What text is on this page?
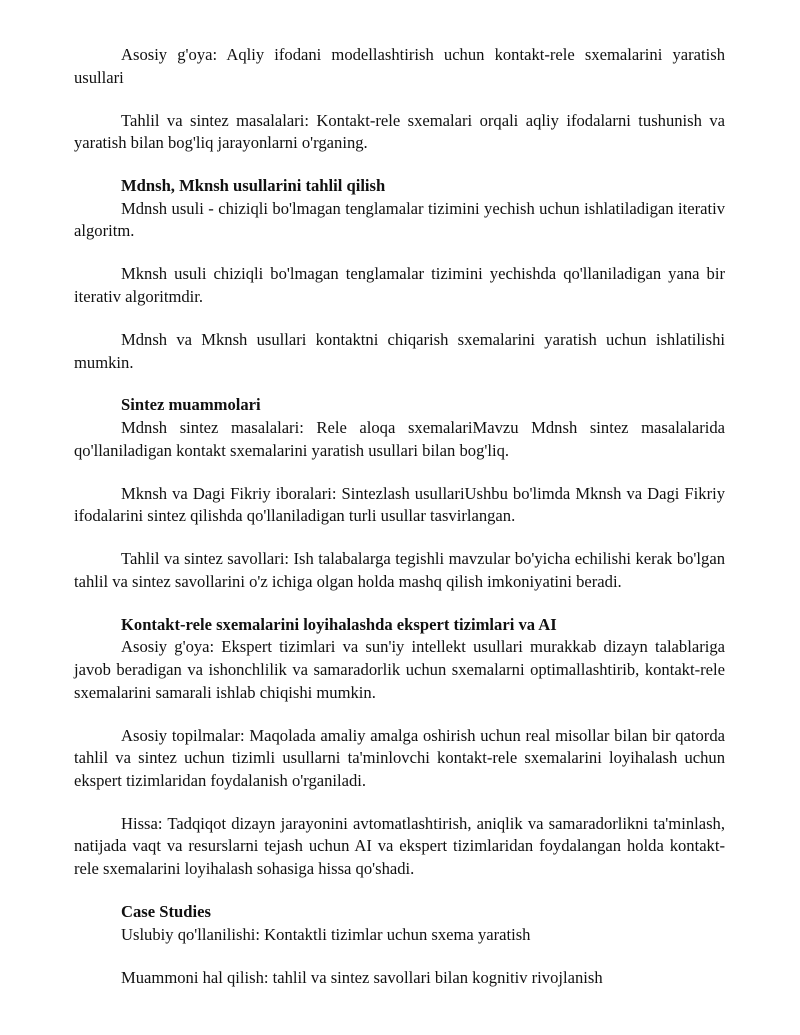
Asosiy g'oya: Aqliy ifodani modellashtirish uchun kontakt-rele sxemalarini yaratish usullari

Tahlil va sintez masalalari: Kontakt-rele sxemalari orqali aqliy ifodalarni tushunish va yaratish bilan bog'liq jarayonlarni o'rganing.

Mdnsh, Mknsh usullarini tahlil qilish

Mdnsh usuli - chiziqli bo'lmagan tenglamalar tizimini yechish uchun ishlatiladigan iterativ algoritm.

Mknsh usuli chiziqli bo'lmagan tenglamalar tizimini yechishda qo'llaniladigan yana bir iterativ algoritmdir.

Mdnsh va Mknsh usullari kontaktni chiqarish sxemalarini yaratish uchun ishlatilishi mumkin.

Sintez muammolari

Mdnsh sintez masalalari: Rele aloqa sxemalariMavzu Mdnsh sintez masalalarida qo'llaniladigan kontakt sxemalarini yaratish usullari bilan bog'liq.

Mknsh va Dagi Fikriy iboralari: Sintezlash usullariUshbu bo'limda Mknsh va Dagi Fikriy ifodalarini sintez qilishda qo'llaniladigan turli usullar tasvirlangan.

Tahlil va sintez savollari: Ish talabalarga tegishli mavzular bo'yicha echilishi kerak bo'lgan tahlil va sintez savollarini o'z ichiga olgan holda mashq qilish imkoniyatini beradi.

Kontakt-rele sxemalarini loyihalashda ekspert tizimlari va AI

Asosiy g'oya: Ekspert tizimlari va sun'iy intellekt usullari murakkab dizayn talablariga javob beradigan va ishonchlilik va samaradorlik uchun sxemalarni optimallashtirib, kontakt-rele sxemalarini samarali ishlab chiqishi mumkin.

Asosiy topilmalar: Maqolada amaliy amalga oshirish uchun real misollar bilan bir qatorda tahlil va sintez uchun tizimli usullarni ta'minlovchi kontakt-rele sxemalarini loyihalash uchun ekspert tizimlaridan foydalanish o'rganiladi.

Hissa: Tadqiqot dizayn jarayonini avtomatlashtirish, aniqlik va samaradorlikni ta'minlash, natijada vaqt va resurslarni tejash uchun AI va ekspert tizimlaridan foydalangan holda kontakt-rele sxemalarini loyihalash sohasiga hissa qo'shadi.

Case Studies

Uslubiy qo'llanilishi: Kontaktli tizimlar uchun sxema yaratish

Muammoni hal qilish: tahlil va sintez savollari bilan kognitiv rivojlanish
